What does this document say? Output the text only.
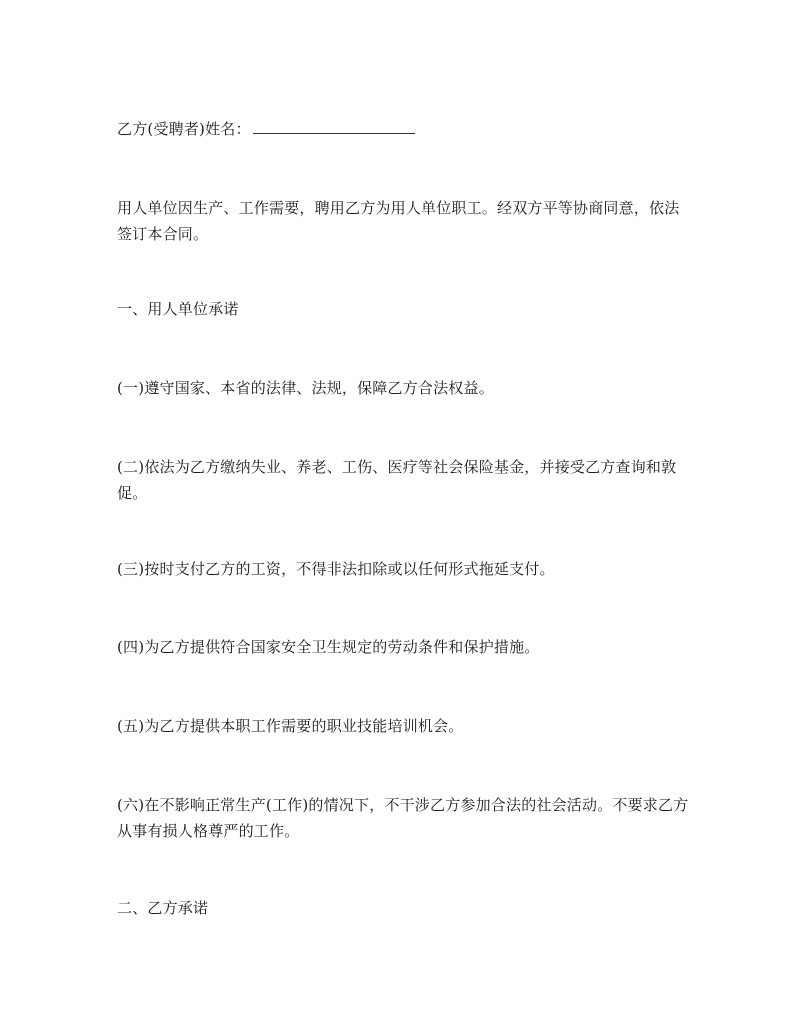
乙方(受聘者)姓名：
用人单位因生产、工作需要，聘用乙方为用人单位职工。经双方平等协商同意，依法签订本合同。
一、用人单位承诺
(一)遵守国家、本省的法律、法规，保障乙方合法权益。
(二)依法为乙方缴纳失业、养老、工伤、医疗等社会保险基金，并接受乙方查询和敦促。
(三)按时支付乙方的工资，不得非法扣除或以任何形式拖延支付。
(四)为乙方提供符合国家安全卫生规定的劳动条件和保护措施。
(五)为乙方提供本职工作需要的职业技能培训机会。
(六)在不影响正常生产(工作)的情况下，不干涉乙方参加合法的社会活动。不要求乙方从事有损人格尊严的工作。
二、乙方承诺
